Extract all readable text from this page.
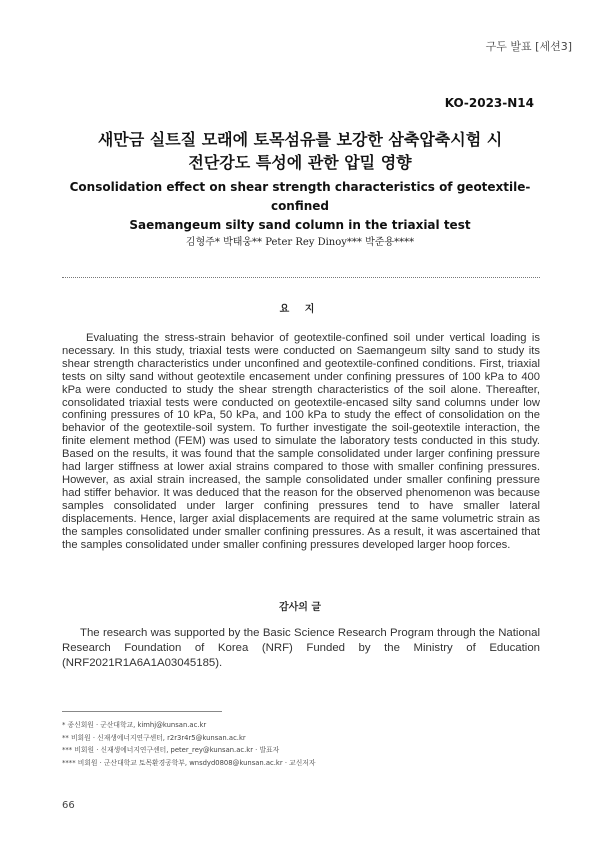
구두 발표 [세션3]
KO-2023-N14
새만금 실트질 모래에 토목섬유를 보강한 삼축압축시험 시
전단강도 특성에 관한 압밀 영향
Consolidation effect on shear strength characteristics of geotextile-confined
Saemangeum silty sand column in the triaxial test
김형주* 박태웅** Peter Rey Dinoy*** 박준용****
요 지

Evaluating the stress-strain behavior of geotextile-confined soil under vertical loading is necessary. In this study, triaxial tests were conducted on Saemangeum silty sand to study its shear strength characteristics under unconfined and geotextile-confined conditions. First, triaxial tests on silty sand without geotextile encasement under confining pressures of 100 kPa to 400 kPa were conducted to study the shear strength characteristics of the soil alone. Thereafter, consolidated triaxial tests were conducted on geotextile-encased silty sand columns under low confining pressures of 10 kPa, 50 kPa, and 100 kPa to study the effect of consolidation on the behavior of the geotextile-soil system. To further investigate the soil-geotextile interaction, the finite element method (FEM) was used to simulate the laboratory tests conducted in this study. Based on the results, it was found that the sample consolidated under larger confining pressure had larger stiffness at lower axial strains compared to those with smaller confining pressures. However, as axial strain increased, the sample consolidated under smaller confining pressure had stiffer behavior. It was deduced that the reason for the observed phenomenon was because samples consolidated under larger confining pressures tend to have smaller lateral displacements. Hence, larger axial displacements are required at the same volumetric strain as the samples consolidated under smaller confining pressures. As a result, it was ascertained that the samples consolidated under smaller confining pressures developed larger hoop forces.

감사의 글

The research was supported by the Basic Science Research Program through the National Research Foundation of Korea (NRF) Funded by the Ministry of Education (NRF2021R1A6A1A03045185).

* 종신회원 · 군산대학교, kimhj@kunsan.ac.kr
** 비회원 · 신재생에너지연구센터, r2r3r4r5@kunsan.ac.kr
*** 비회원 · 신재생에너지연구센터, peter_rey@kunsan.ac.kr · 발표자
**** 비회원 · 군산대학교 토목환경공학부, wnsdyd0808@kunsan.ac.kr · 교신저자
66
